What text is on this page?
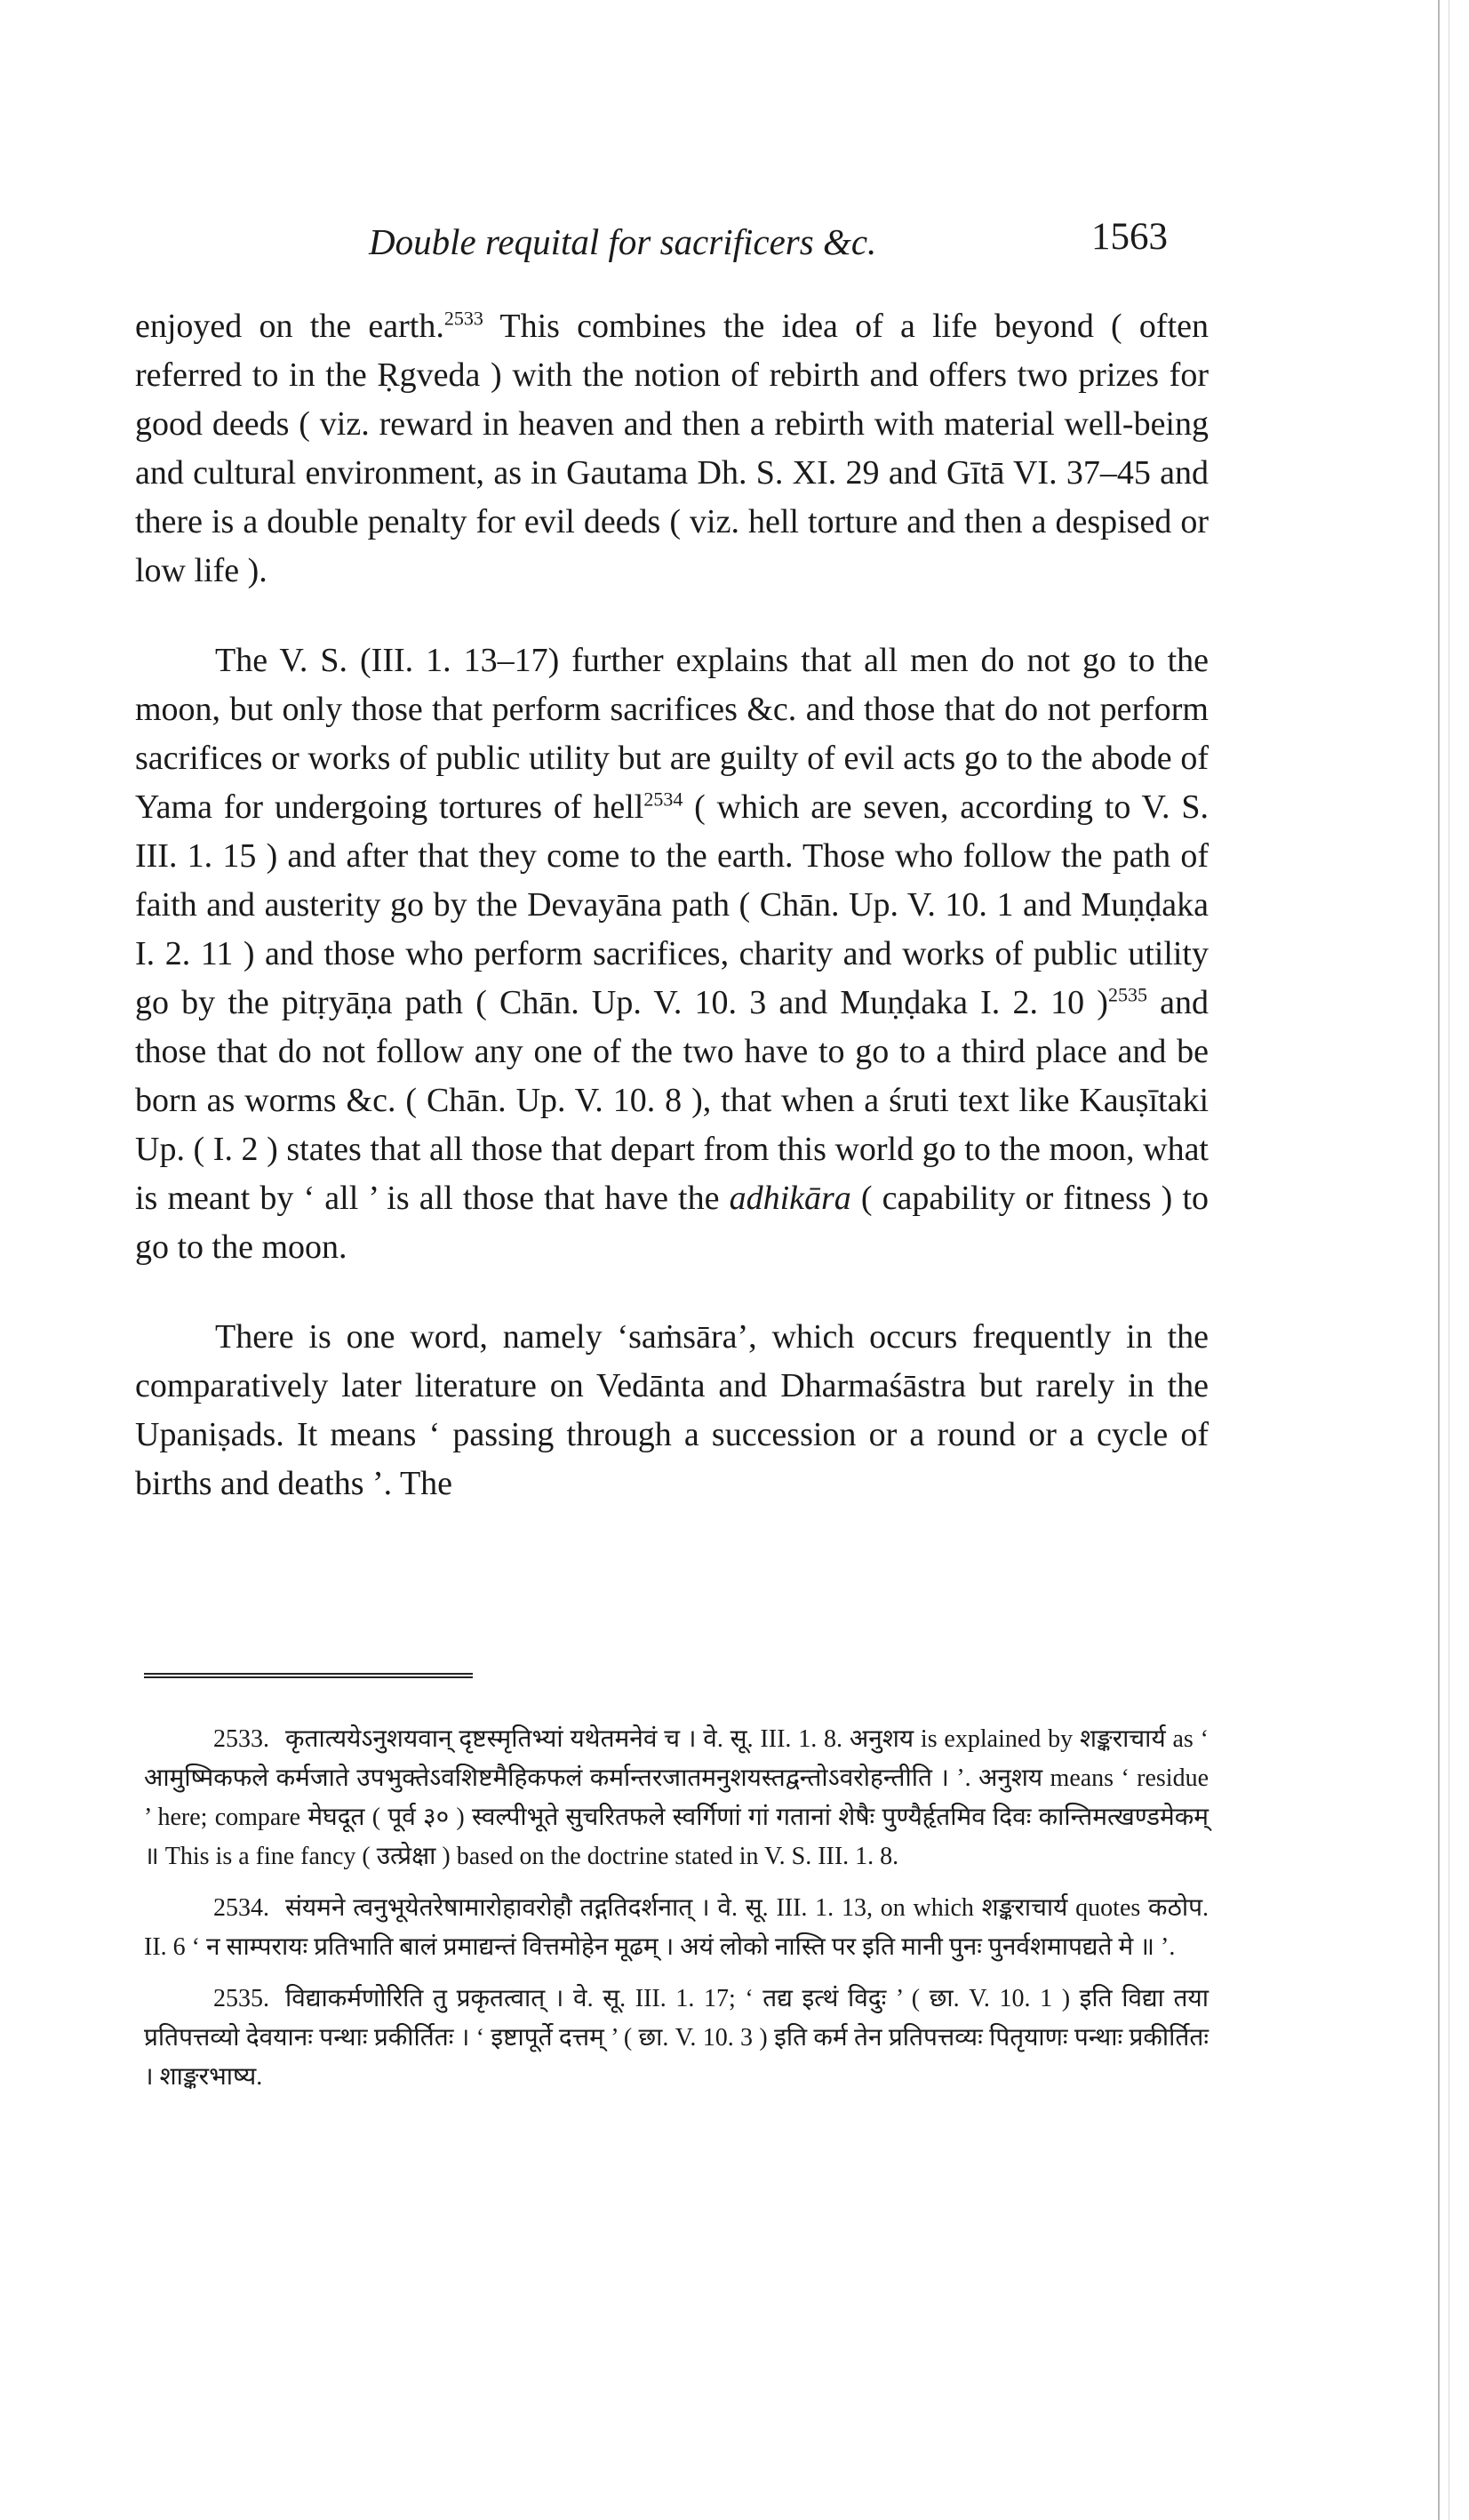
Double requital for sacrificers &c.	1563

enjoyed on the earth.$^{2533}$ This combines the idea of a life beyond ( often referred to in the Ṛgveda ) with the notion of rebirth and offers two prizes for good deeds ( viz. reward in heaven and then a rebirth with material well-being and cultural environment, as in Gautama Dh. S. XI. 29 and Gītā VI. 37–45 and there is a double penalty for evil deeds ( viz. hell torture and then a despised or low life ).

The V. S. (III. 1. 13–17) further explains that all men do not go to the moon, but only those that perform sacrifices &c. and those that do not perform sacrifices or works of public utility but are guilty of evil acts go to the abode of Yama for undergoing tortures of hell$^{2534}$ ( which are seven, according to V. S. III. 1. 15 ) and after that they come to the earth. Those who follow the path of faith and austerity go by the Devayāna path ( Chān. Up. V. 10. 1 and Muṇḍaka I. 2. 11 ) and those who perform sacrifices, charity and works of public utility go by the pitṛyāṇa path ( Chān. Up. V. 10. 3 and Muṇḍaka I. 2. 10 )$^{2535}$ and those that do not follow any one of the two have to go to a third place and be born as worms &c. ( Chān. Up. V. 10. 8 ), that when a śruti text like Kauṣītaki Up. ( I. 2 ) states that all those that depart from this world go to the moon, what is meant by ‘ all ’ is all those that have the adhikāra ( capability or fitness ) to go to the moon.

There is one word, namely ‘saṁsāra’, which occurs frequently in the comparatively later literature on Vedānta and Dharmaśāstra but rarely in the Upaniṣads. It means ‘ passing through a succession or a round or a cycle of births and deaths ’. The

2533. कृतात्ययेऽनुशयवान् दृष्टस्मृतिभ्यां यथेतमनेवं च । वे. सू. III. 1. 8. अनुशय is explained by शङ्कराचार्य as ‘ आमुष्मिकफले कर्मजाते उपभुक्तेऽवशिष्टमैहिकफलं कर्मान्तरजातमनुशयस्तद्वन्तोऽवरोहन्तीति । ’. अनुशय means ‘ residue ’ here; compare मेघदूत ( पूर्व ३० ) स्वल्पीभूते सुचरितफले स्वर्गिणां गां गतानां शेषैः पुण्यैर्हृतमिव दिवः कान्तिमत्खण्डमेकम् ॥ This is a fine fancy ( उत्प्रेक्षा ) based on the doctrine stated in V. S. III. 1. 8.

2534. संयमने त्वनुभूयेतरेषामारोहावरोहौ तद्गतिदर्शनात् । वे. सू. III. 1. 13, on which शङ्कराचार्य quotes कठोप. II. 6 ‘ न साम्परायः प्रतिभाति बालं प्रमाद्यन्तं वित्तमोहेन मूढम् । अयं लोको नास्ति पर इति मानी पुनः पुनर्वशमापद्यते मे ॥ ’.

2535. विद्याकर्मणोरिति तु प्रकृतत्वात् । वे. सू. III. 1. 17; ‘ तद्य इत्थं विदुः ’ ( छा. V. 10. 1 ) इति विद्या तया प्रतिपत्तव्यो देवयानः पन्थाः प्रकीर्तितः । ‘ इष्टापूर्ते दत्तम् ’ ( छा. V. 10. 3 ) इति कर्म तेन प्रतिपत्तव्यः पितृयाणः पन्थाः प्रकीर्तितः । शाङ्करभाष्य.
